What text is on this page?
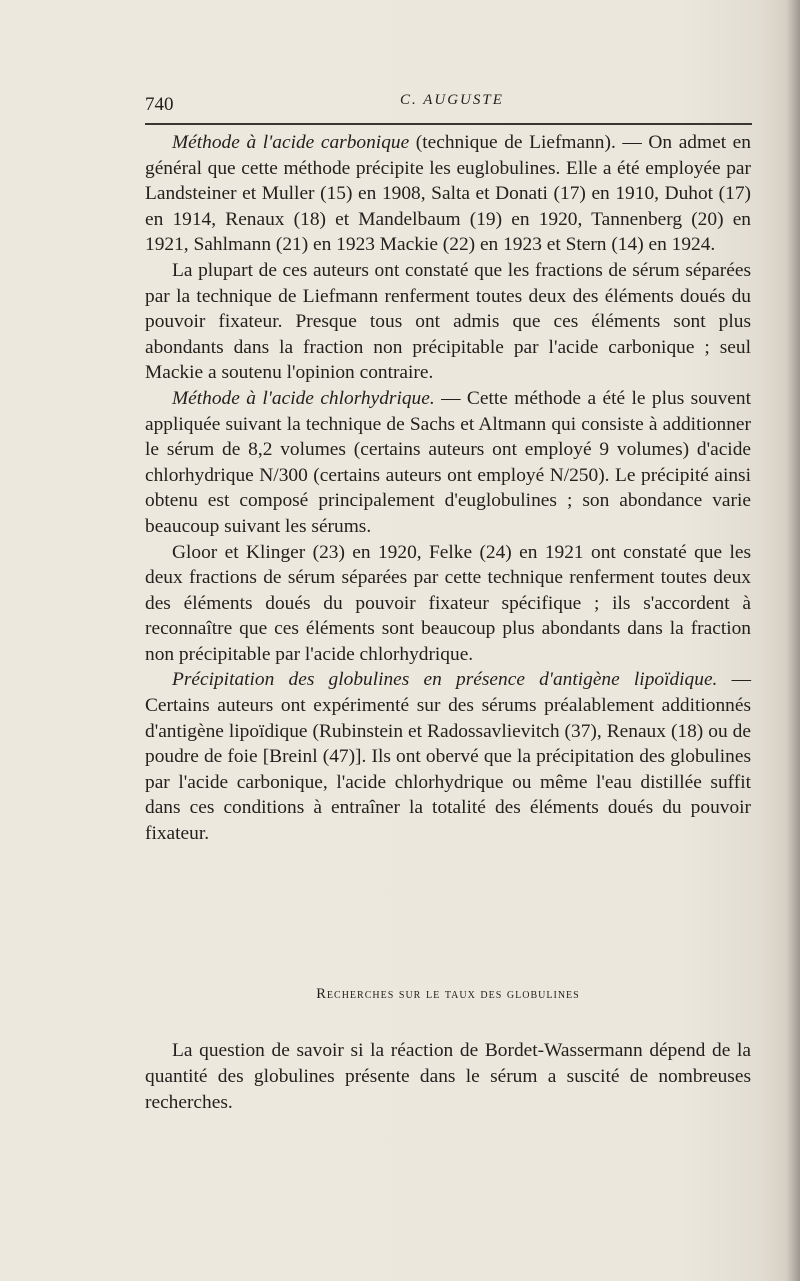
740	C. AUGUSTE

Méthode à l'acide carbonique (technique de Liefmann). — On admet en général que cette méthode précipite les euglobulines. Elle a été employée par Landsteiner et Muller (15) en 1908, Salta et Donati (17) en 1910, Duhot (17) en 1914, Renaux (18) et Mandelbaum (19) en 1920, Tannenberg (20) en 1921, Sahlmann (21) en 1923 Mackie (22) en 1923 et Stern (14) en 1924.

La plupart de ces auteurs ont constaté que les fractions de sérum séparées par la technique de Liefmann renferment toutes deux des éléments doués du pouvoir fixateur. Presque tous ont admis que ces éléments sont plus abondants dans la fraction non précipitable par l'acide carbonique ; seul Mackie a soutenu l'opinion contraire.

Méthode à l'acide chlorhydrique. — Cette méthode a été le plus souvent appliquée suivant la technique de Sachs et Altmann qui consiste à additionner le sérum de 8,2 volumes (certains auteurs ont employé 9 volumes) d'acide chlorhydrique N/300 (certains auteurs ont employé N/250). Le précipité ainsi obtenu est composé principalement d'euglobulines ; son abondance varie beaucoup suivant les sérums.

Gloor et Klinger (23) en 1920, Felke (24) en 1921 ont constaté que les deux fractions de sérum séparées par cette technique renferment toutes deux des éléments doués du pouvoir fixateur spécifique ; ils s'accordent à reconnaître que ces éléments sont beaucoup plus abondants dans la fraction non précipitable par l'acide chlorhydrique.

Précipitation des globulines en présence d'antigène lipoïdique. — Certains auteurs ont expérimenté sur des sérums préalablement additionnés d'antigène lipoïdique (Rubinstein et Radossavlievitch (37), Renaux (18) ou de poudre de foie [Breinl (47)]. Ils ont obervé que la précipitation des globulines par l'acide carbonique, l'acide chlorhydrique ou même l'eau distillée suffit dans ces conditions à entraîner la totalité des éléments doués du pouvoir fixateur.

Recherches sur le taux des globulines

La question de savoir si la réaction de Bordet-Wassermann dépend de la quantité des globulines présente dans le sérum a suscité de nombreuses recherches.
